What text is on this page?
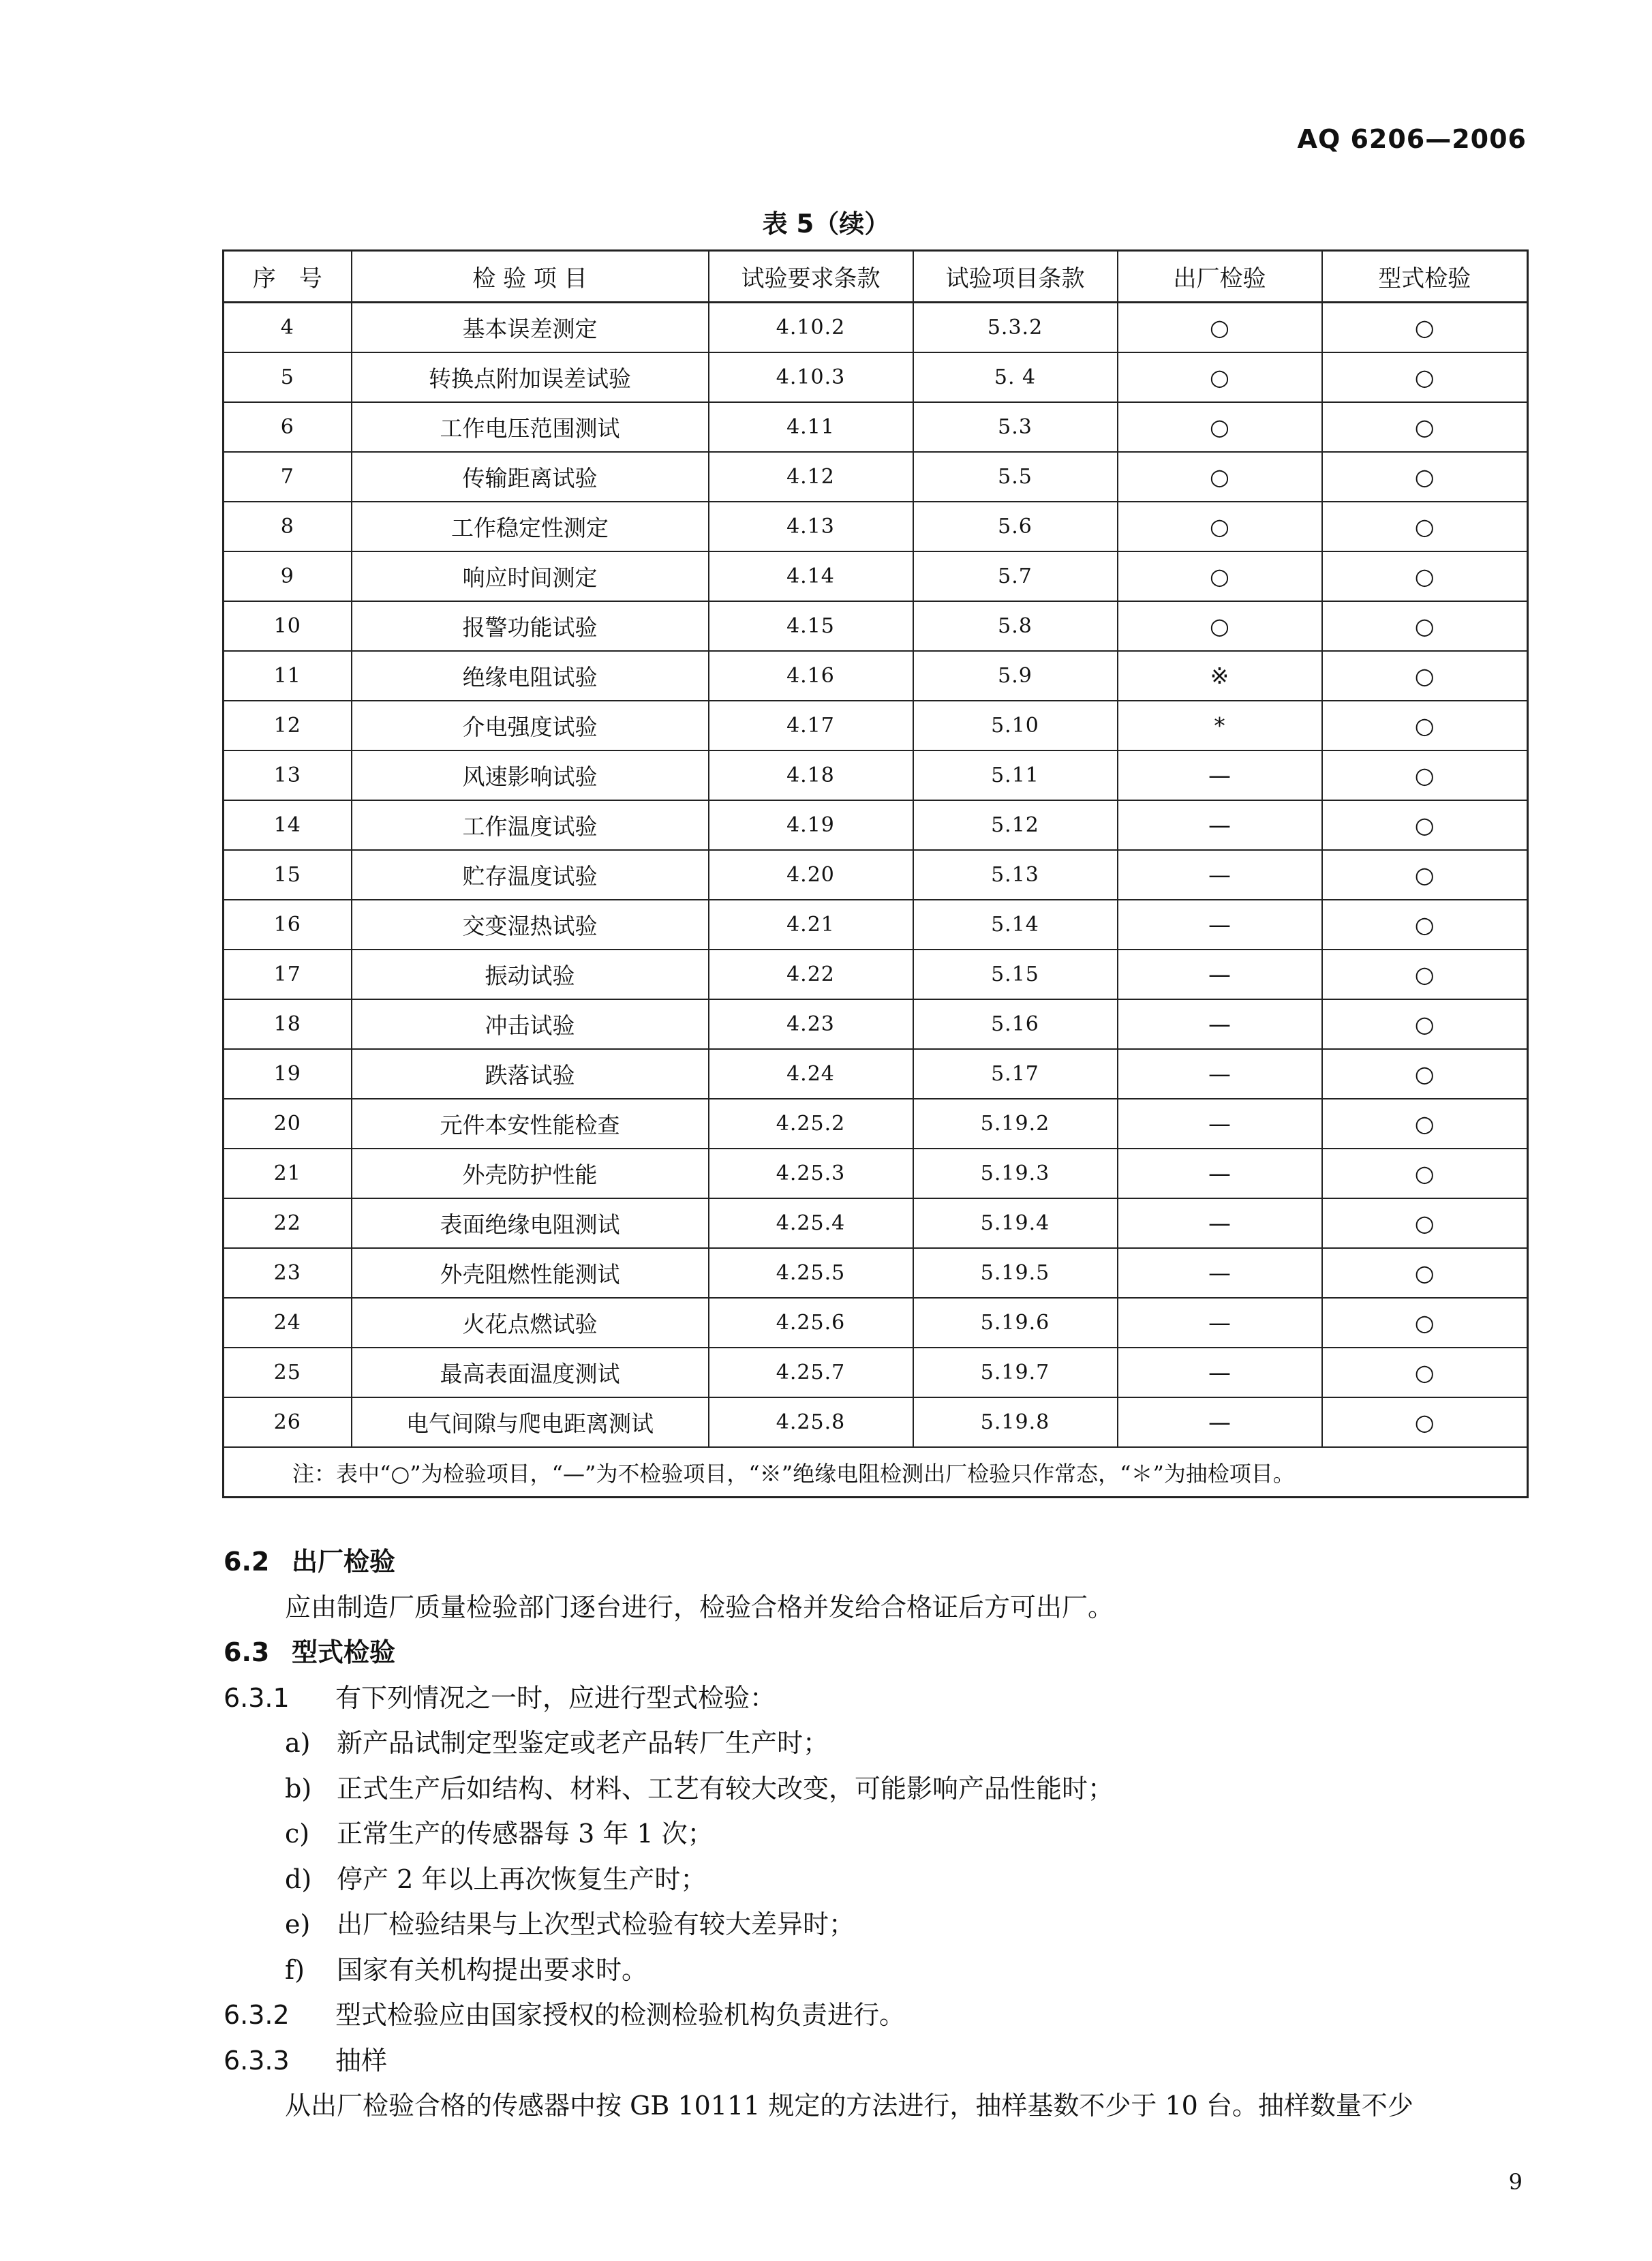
AQ 6206—2006
表 5（续）
序　号	检 验 项 目	试验要求条款	试验项目条款	出厂检验	型式检验
4	基本误差测定	4.10.2	5.3.2	○	○
5	转换点附加误差试验	4.10.3	5. 4	○	○
6	工作电压范围测试	4.11	5.3	○	○
7	传输距离试验	4.12	5.5	○	○
8	工作稳定性测定	4.13	5.6	○	○
9	响应时间测定	4.14	5.7	○	○
10	报警功能试验	4.15	5.8	○	○
11	绝缘电阻试验	4.16	5.9	※	○
12	介电强度试验	4.17	5.10	*	○
13	风速影响试验	4.18	5.11	—	○
14	工作温度试验	4.19	5.12	—	○
15	贮存温度试验	4.20	5.13	—	○
16	交变湿热试验	4.21	5.14	—	○
17	振动试验	4.22	5.15	—	○
18	冲击试验	4.23	5.16	—	○
19	跌落试验	4.24	5.17	—	○
20	元件本安性能检查	4.25.2	5.19.2	—	○
21	外壳防护性能	4.25.3	5.19.3	—	○
22	表面绝缘电阻测试	4.25.4	5.19.4	—	○
23	外壳阻燃性能测试	4.25.5	5.19.5	—	○
24	火花点燃试验	4.25.6	5.19.6	—	○
25	最高表面温度测试	4.25.7	5.19.7	—	○
26	电气间隙与爬电距离测试	4.25.8	5.19.8	—	○
注：表中“○”为检验项目，“—”为不检验项目，“※”绝缘电阻检测出厂检验只作常态，“＊”为抽检项目。					
6.2 出厂检验
应由制造厂质量检验部门逐台进行，检验合格并发给合格证后方可出厂。
6.3 型式检验
6.3.1 有下列情况之一时，应进行型式检验：
a) 新产品试制定型鉴定或老产品转厂生产时；
b) 正式生产后如结构、材料、工艺有较大改变，可能影响产品性能时；
c) 正常生产的传感器每 3 年 1 次；
d) 停产 2 年以上再次恢复生产时；
e) 出厂检验结果与上次型式检验有较大差异时；
f) 国家有关机构提出要求时。
6.3.2 型式检验应由国家授权的检测检验机构负责进行。
6.3.3 抽样
从出厂检验合格的传感器中按 GB 10111 规定的方法进行，抽样基数不少于 10 台。抽样数量不少
9
